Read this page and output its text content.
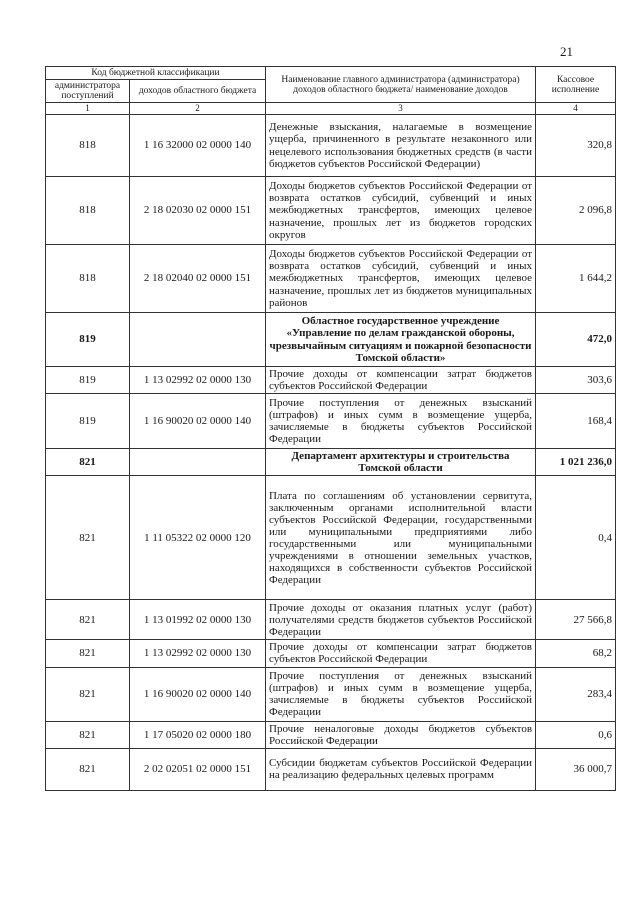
21
Код бюджетной классификации		Наименование главного администратора (администратора) доходов областного бюджета/ наименование доходов	Кассовое исполнение
администратора поступлений	доходов областного бюджета		
1	2	3	4
818	1 16 32000 02 0000 140	Денежные взыскания, налагаемые в возмещение ущерба, причиненного в результате незаконного или нецелевого использования бюджетных средств (в части бюджетов субъектов Российской Федерации)	320,8
818	2 18 02030 02 0000 151	Доходы бюджетов субъектов Российской Федерации от возврата остатков субсидий, субвенций и иных межбюджетных трансфертов, имеющих целевое назначение, прошлых лет из бюджетов городских округов	2 096,8
818	2 18 02040 02 0000 151	Доходы бюджетов субъектов Российской Федерации от возврата остатков субсидий, субвенций и иных межбюджетных трансфертов, имеющих целевое назначение, прошлых лет из бюджетов муниципальных районов	1 644,2
819		Областное государственное учреждение «Управление по делам гражданской обороны, чрезвычайным ситуациям и пожарной безопасности Томской области»	472,0
819	1 13 02992 02 0000 130	Прочие доходы от компенсации затрат бюджетов субъектов Российской Федерации	303,6
819	1 16 90020 02 0000 140	Прочие поступления от денежных взысканий (штрафов) и иных сумм в возмещение ущерба, зачисляемые в бюджеты субъектов Российской Федерации	168,4
821		Департамент архитектуры и строительства Томской области	1 021 236,0
821	1 11 05322 02 0000 120	Плата по соглашениям об установлении сервитута, заключенным органами исполнительной власти субъектов Российской Федерации, государственными или муниципальными предприятиями либо государственными или муниципальными учреждениями в отношении земельных участков, находящихся в собственности субъектов Российской Федерации	0,4
821	1 13 01992 02 0000 130	Прочие доходы от оказания платных услуг (работ) получателями средств бюджетов субъектов Российской Федерации	27 566,8
821	1 13 02992 02 0000 130	Прочие доходы от компенсации затрат бюджетов субъектов Российской Федерации	68,2
821	1 16 90020 02 0000 140	Прочие поступления от денежных взысканий (штрафов) и иных сумм в возмещение ущерба, зачисляемые в бюджеты субъектов Российской Федерации	283,4
821	1 17 05020 02 0000 180	Прочие неналоговые доходы бюджетов субъектов Российской Федерации	0,6
821	2 02 02051 02 0000 151	Субсидии бюджетам субъектов Российской Федерации на реализацию федеральных целевых программ	36 000,7
